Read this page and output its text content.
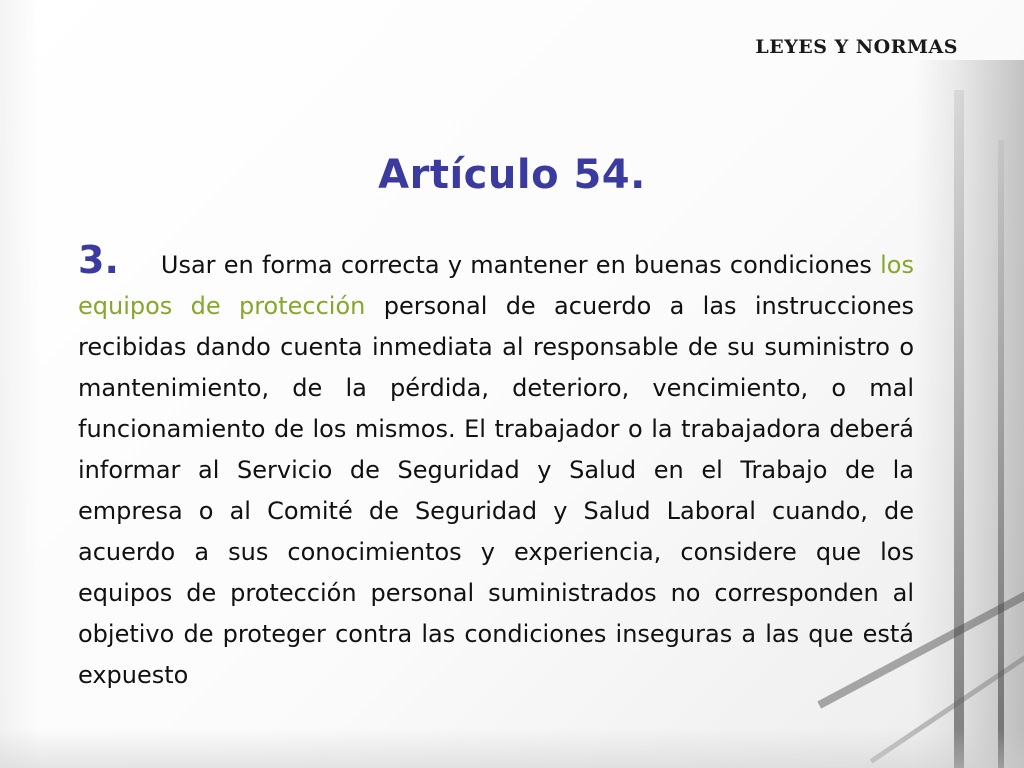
LEYES Y NORMAS
Artículo 54.
3. Usar en forma correcta y mantener en buenas condiciones los equipos de protección personal de acuerdo a las instrucciones recibidas dando cuenta inmediata al responsable de su suministro o mantenimiento, de la pérdida, deterioro, vencimiento, o mal funcionamiento de los mismos. El trabajador o la trabajadora deberá informar al Servicio de Seguridad y Salud en el Trabajo de la empresa o al Comité de Seguridad y Salud Laboral cuando, de acuerdo a sus conocimientos y experiencia, considere que los equipos de protección personal suministrados no corresponden al objetivo de proteger contra las condiciones inseguras a las que está expuesto
